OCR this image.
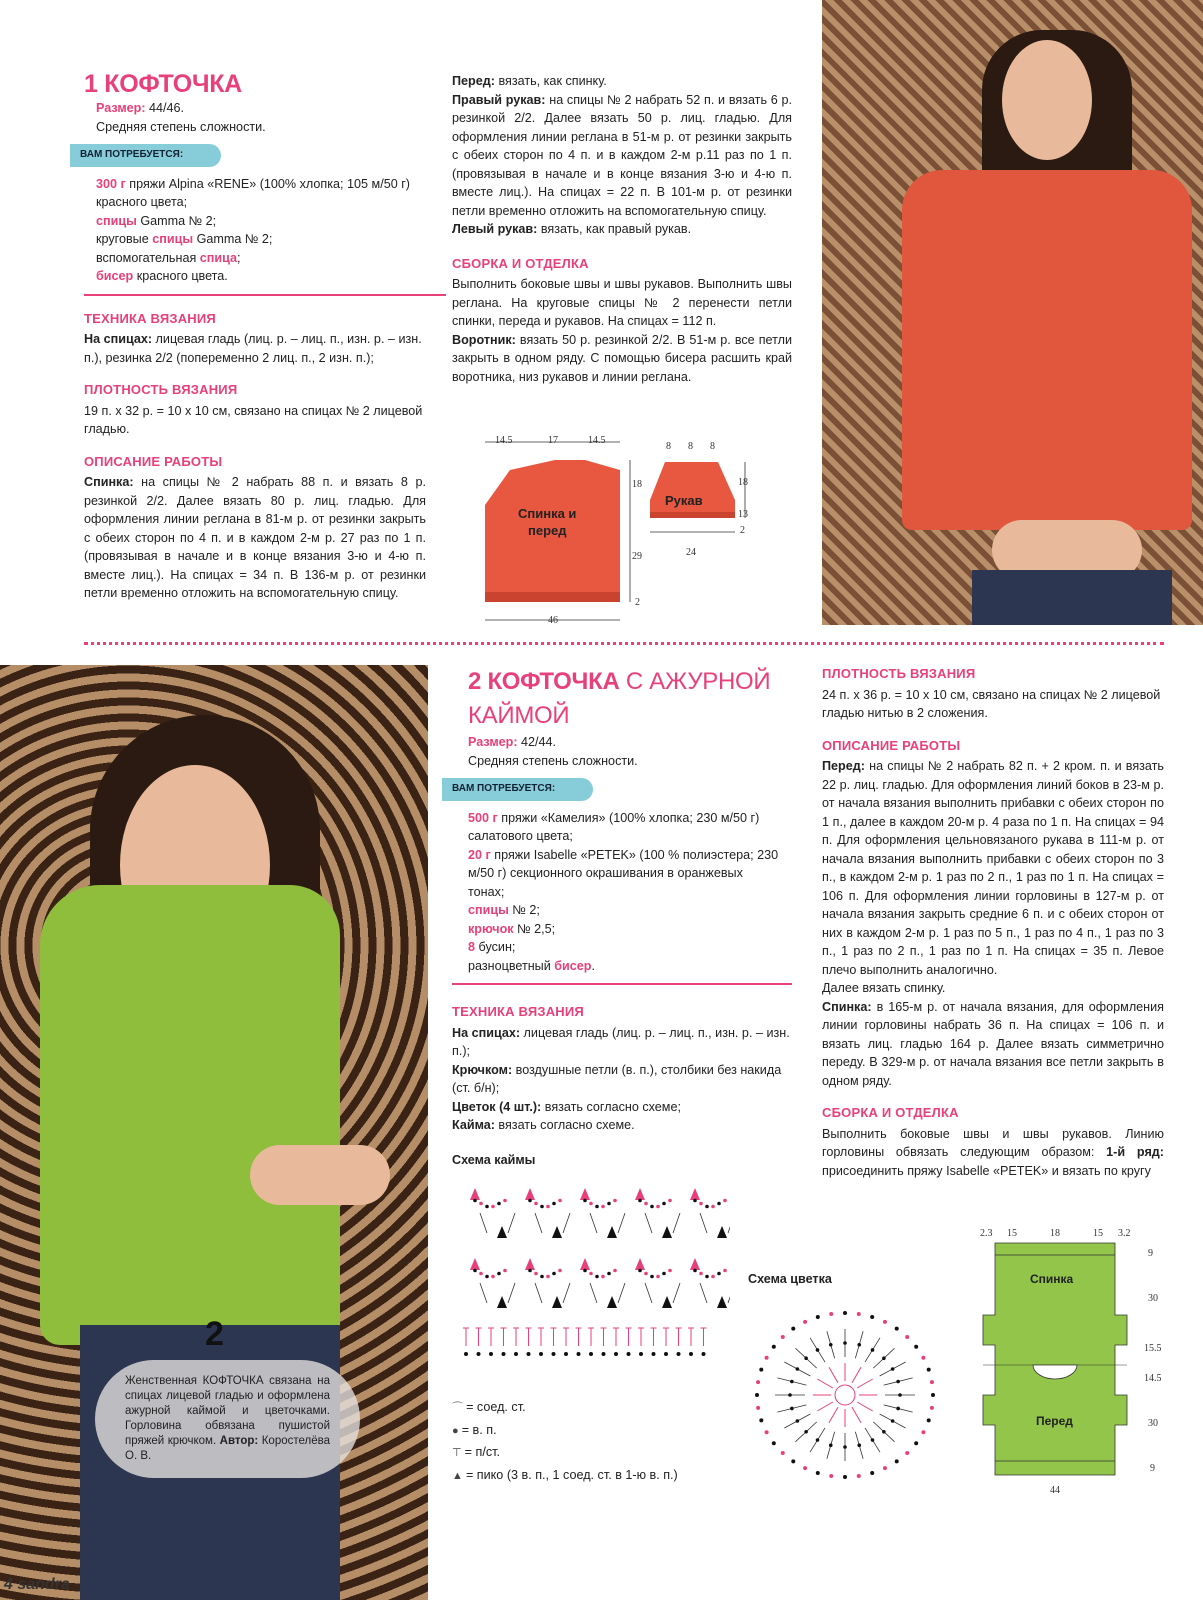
1 КОФТОЧКА
Размер: 44/46.
Средняя степень сложности.
ВАМ ПОТРЕБУЕТСЯ:
300 г пряжи Alpina «RENE» (100% хлопка; 105 м/50 г) красного цвета;
спицы Gamma № 2;
круговые спицы Gamma № 2;
вспомогательная спица;
бисер красного цвета.
ТЕХНИКА ВЯЗАНИЯ

На спицах: лицевая гладь (лиц. р. – лиц. п., изн. р. – изн. п.), резинка 2/2 (попеременно 2 лиц. п., 2 изн. п.);

ПЛОТНОСТЬ ВЯЗАНИЯ

19 п. х 32 р. = 10 х 10 см, связано на спицах № 2 лицевой гладью.

ОПИСАНИЕ РАБОТЫ

Спинка: на спицы № 2 набрать 88 п. и вязать 8 р. резинкой 2/2. Далее вязать 80 р. лиц. гладью. Для оформления линии реглана в 81-м р. от резинки закрыть с обеих сторон по 4 п. и в каждом 2-м р. 27 раз по 1 п. (провязывая в начале и в конце вязания 3-ю и 4-ю п. вместе лиц.). На спицах = 34 п. В 136-м р. от резинки петли временно отложить на вспомогательную спицу.

Перед: вязать, как спинку.

Правый рукав: на спицы № 2 набрать 52 п. и вязать 6 р. резинкой 2/2. Далее вязать 50 р. лиц. гладью. Для оформления линии реглана в 51-м р. от резинки закрыть с обеих сторон по 4 п. и в каждом 2-м р.11 раз по 1 п. (провязывая в начале и в конце вязания 3-ю и 4-ю п. вместе лиц.). На спицах = 22 п. В 101-м р. от резинки петли временно отложить на вспомогательную спицу.

Левый рукав: вязать, как правый рукав.

СБОРКА И ОТДЕЛКА

Выполнить боковые швы и швы рукавов. Выполнить швы реглана. На круговые спицы № 2 перенести петли спинки, переда и рукавов. На спицах = 112 п.

Воротник: вязать 50 р. резинкой 2/2. В 51-м р. все петли закрыть в одном ряду. С помощью бисера расшить край воротника, низ рукавов и линии реглана.

Спинка и
перед
Рукав
14.5	17	14.5
18
29
2
46
8 8 8
18
13
2
24
2
Женственная КОФТОЧКА связана на спицах лицевой гладью и оформлена ажурной каймой и цветочками. Горловина обвязана пушистой пряжей крючком. Автор: Коростелёва О. В.
2 КОФТОЧКА С АЖУРНОЙ КАЙМОЙ
Размер: 42/44.
Средняя степень сложности.
ВАМ ПОТРЕБУЕТСЯ:
500 г пряжи «Камелия» (100% хлопка; 230 м/50 г) салатового цвета;
20 г пряжи Isabelle «PETEK» (100 % полиэстера; 230 м/50 г) секционного окрашивания в оранжевых тонах;
спицы № 2;
крючок № 2,5;
8 бусин;
разноцветный бисер.
ТЕХНИКА ВЯЗАНИЯ

На спицах: лицевая гладь (лиц. р. – лиц. п., изн. р. – изн. п.);

Крючком: воздушные петли (в. п.), столбики без накида (ст. б/н);

Цветок (4 шт.): вязать согласно схеме;

Кайма: вязать согласно схеме.

Схема каймы
⌒ = соед. ст.
● = в. п.
⊤ = п/ст.
▲ = пико (3 в. п., 1 соед. ст. в 1-ю в. п.)
Схема цветка
ПЛОТНОСТЬ ВЯЗАНИЯ

24 п. х 36 р. = 10 х 10 см, связано на спицах № 2 лицевой гладью нитью в 2 сложения.

ОПИСАНИЕ РАБОТЫ

Перед: на спицы № 2 набрать 82 п. + 2 кром. п. и вязать 22 р. лиц. гладью. Для оформления линий боков в 23-м р. от начала вязания выполнить прибавки с обеих сторон по 1 п., далее в каждом 20-м р. 4 раза по 1 п. На спицах = 94 п. Для оформления цельновязаного рукава в 111-м р. от начала вязания выполнить прибавки с обеих сторон по 3 п., в каждом 2-м р. 1 раз по 2 п., 1 раз по 1 п. На спицах = 106 п. Для оформления линии горловины в 127-м р. от начала вязания закрыть средние 6 п. и с обеих сторон от них в каждом 2-м р. 1 раз по 5 п., 1 раз по 4 п., 1 раз по 3 п., 1 раз по 2 п., 1 раз по 1 п. На спицах = 35 п. Левое плечо выполнить аналогично.

Далее вязать спинку.

Спинка: в 165-м р. от начала вязания, для оформления линии горловины набрать 36 п. На спицах = 106 п. и вязать лиц. гладью 164 р. Далее вязать симметрично переду. В 329-м р. от начала вязания все петли закрыть в одном ряду.

СБОРКА И ОТДЕЛКА

Выполнить боковые швы и швы рукавов. Линию горловины обвязать следующим образом: 1-й ряд: присоединить пряжу Isabelle «PETEK» и вязать по кругу

Спинка
Перед
2.3 15	18	15 3.2
9
30
15.5
14.5
30
9
44
4 sandra
